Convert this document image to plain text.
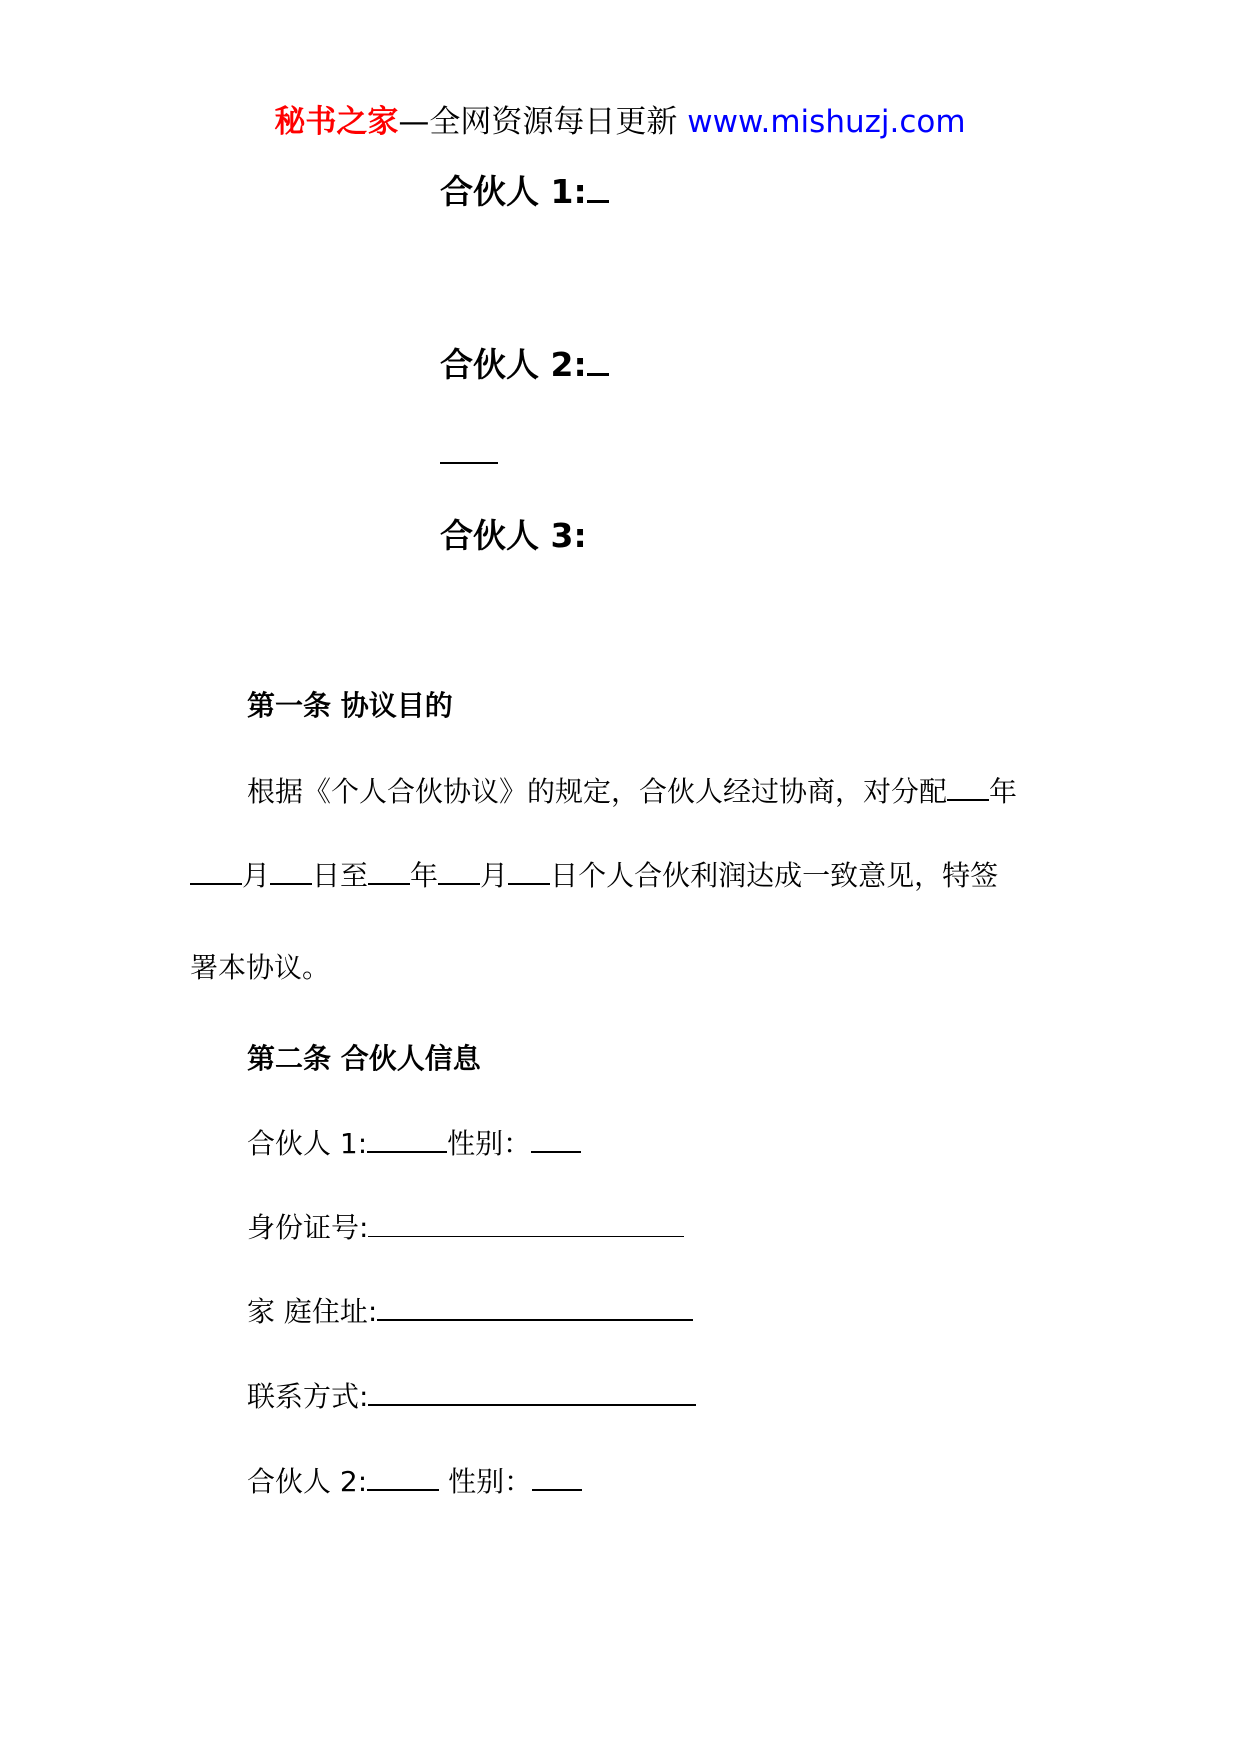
秘书之家—全网资源每日更新 www.mishuzj.com
合伙人 1:
合伙人 2:
合伙人 3:
第一条 协议目的
根据《个人合伙协议》的规定，合伙人经过协商，对分配 年
月 日至 年 月 日个人合伙利润达成一致意见，特签
署本协议。
第二条 合伙人信息
合伙人 1:	性别：
身份证号:
家 庭住址:
联系方式:
合伙人 2:	性别：
